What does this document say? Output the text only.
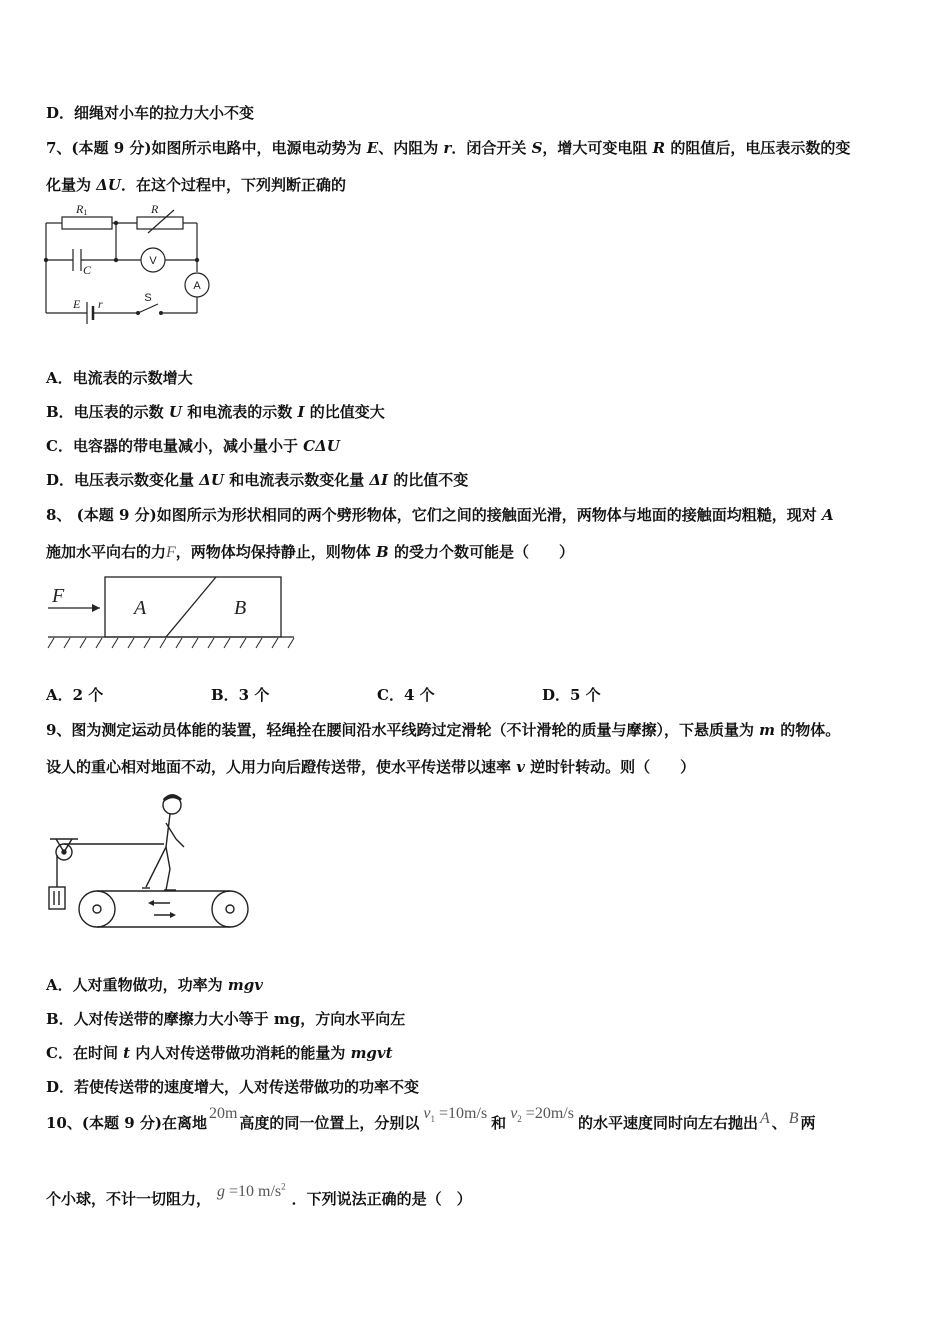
D．细绳对小车的拉力大小不变
7、(本题 9 分)如图所示电路中，电源电动势为 E、内阻为 r．闭合开关 S，增大可变电阻 R 的阻值后，电压表示数的变
化量为 ΔU．在这个过程中，下列判断正确的
R1	R
C
E r
V
A
S
A．电流表的示数增大
B．电压表的示数 U 和电流表的示数 I 的比值变大
C．电容器的带电量减小，减小量小于 CΔU
D．电压表示数变化量 ΔU 和电流表示数变化量 ΔI 的比值不变
8、 (本题 9 分)如图所示为形状相同的两个劈形物体，它们之间的接触面光滑，两物体与地面的接触面均粗糙，现对 A
施加水平向右的力F，两物体均保持静止，则物体 B 的受力个数可能是（　　）
F
A	B
A．2 个	B．3 个	C．4 个	D．5 个
9、图为测定运动员体能的装置，轻绳拴在腰间沿水平线跨过定滑轮（不计滑轮的质量与摩擦），下悬质量为 m 的物体。
设人的重心相对地面不动，人用力向后蹬传送带，使水平传送带以速率 v 逆时针转动。则（　　）
A．人对重物做功，功率为 mgv
B．人对传送带的摩擦力大小等于 mg，方向水平向左
C．在时间 t 内人对传送带做功消耗的能量为 mgvt
D．若使传送带的速度增大，人对传送带做功的功率不变
10、(本题 9 分)在离地20m高度的同一位置上，分别以$v_1 =10m/s$和$v_2 =20m/s$的水平速度同时向左右抛出 A 、 B 两
个小球，不计一切阻力， g =10 $m/s^2$．下列说法正确的是（　）
